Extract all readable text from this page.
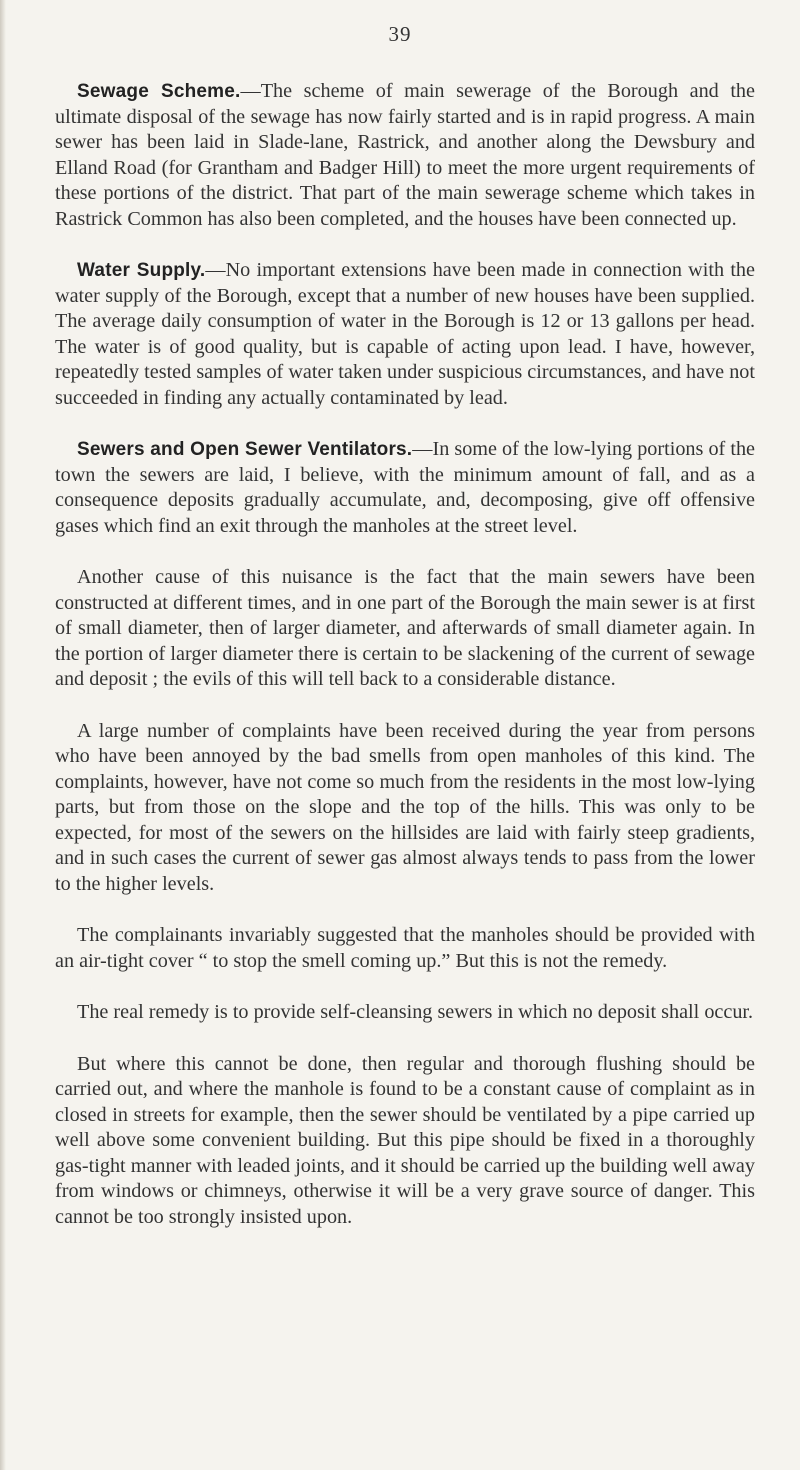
39

Sewage Scheme.—The scheme of main sewerage of the Borough and the ultimate disposal of the sewage has now fairly started and is in rapid progress. A main sewer has been laid in Slade-lane, Rastrick, and another along the Dewsbury and Elland Road (for Grantham and Badger Hill) to meet the more urgent requirements of these portions of the district. That part of the main sewerage scheme which takes in Rastrick Common has also been completed, and the houses have been connected up.

Water Supply.—No important extensions have been made in connection with the water supply of the Borough, except that a number of new houses have been supplied. The average daily consumption of water in the Borough is 12 or 13 gallons per head. The water is of good quality, but is capable of acting upon lead. I have, however, repeatedly tested samples of water taken under suspicious circumstances, and have not succeeded in finding any actually contaminated by lead.

Sewers and Open Sewer Ventilators.—In some of the low-lying portions of the town the sewers are laid, I believe, with the minimum amount of fall, and as a consequence deposits gradually accumulate, and, decomposing, give off offensive gases which find an exit through the manholes at the street level.

Another cause of this nuisance is the fact that the main sewers have been constructed at different times, and in one part of the Borough the main sewer is at first of small diameter, then of larger diameter, and afterwards of small diameter again. In the portion of larger diameter there is certain to be slackening of the current of sewage and deposit ; the evils of this will tell back to a considerable distance.

A large number of complaints have been received during the year from persons who have been annoyed by the bad smells from open manholes of this kind. The complaints, however, have not come so much from the residents in the most low-lying parts, but from those on the slope and the top of the hills. This was only to be expected, for most of the sewers on the hillsides are laid with fairly steep gradients, and in such cases the current of sewer gas almost always tends to pass from the lower to the higher levels.

The complainants invariably suggested that the manholes should be provided with an air-tight cover “ to stop the smell coming up.” But this is not the remedy.

The real remedy is to provide self-cleansing sewers in which no deposit shall occur.

But where this cannot be done, then regular and thorough flushing should be carried out, and where the manhole is found to be a constant cause of complaint as in closed in streets for example, then the sewer should be ventilated by a pipe carried up well above some convenient building. But this pipe should be fixed in a thoroughly gas-tight manner with leaded joints, and it should be carried up the building well away from windows or chimneys, otherwise it will be a very grave source of danger. This cannot be too strongly insisted upon.
